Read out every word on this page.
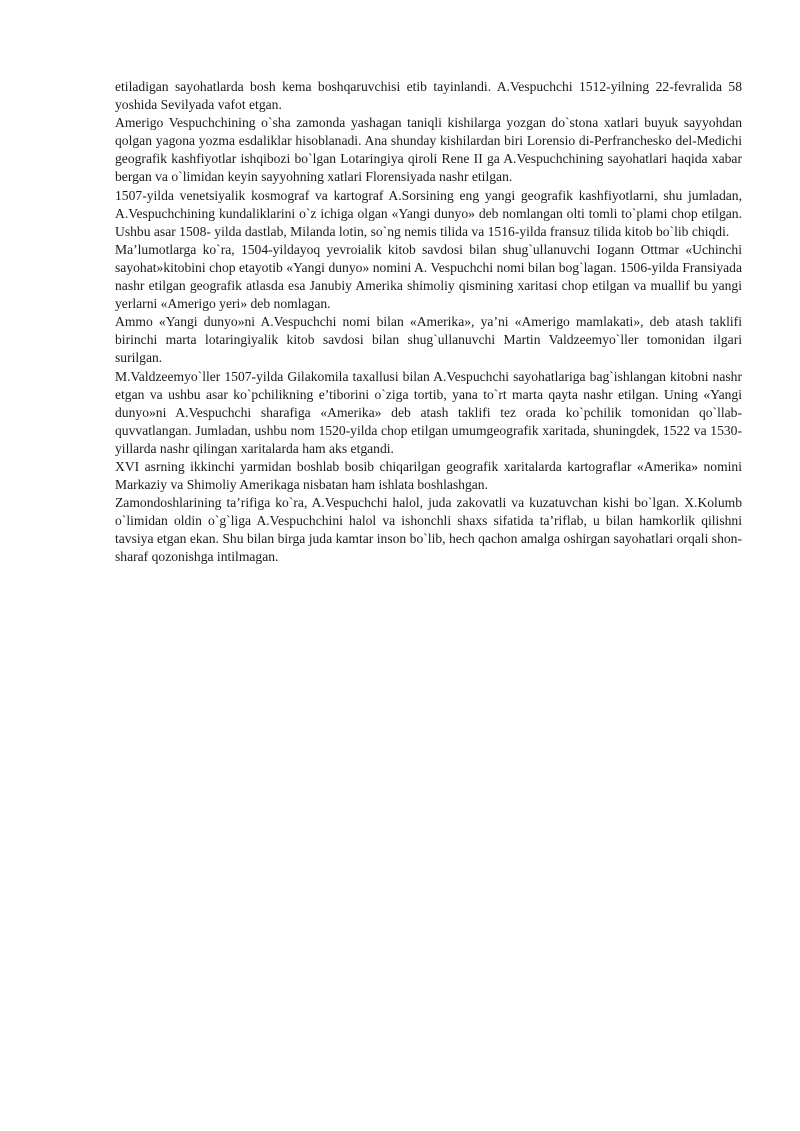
etiladigan sayohatlarda bosh kema boshqaruvchisi etib tayinlandi. A.Vespuchchi 1512-yilning 22-fevralida 58 yoshida Sevilyada vafot etgan.

Amerigo Vespuchchining o`sha zamonda yashagan taniqli kishilarga yozgan do`stona xatlari buyuk sayyohdan qolgan yagona yozma esdaliklar hisoblanadi. Ana shunday kishilardan biri Lorensio di-Perfranchesko del-Medichi geografik kashfiyotlar ishqibozi bo`lgan Lotaringiya qiroli Rene II ga A.Vespuchchining sayohatlari haqida xabar bergan va o`limidan keyin sayyohning xatlari Florensiyada nashr etilgan.

1507-yilda venetsiyalik kosmograf va kartograf A.Sorsining eng yangi geografik kashfiyotlarni, shu jumladan, A.Vespuchchining kundaliklarini o`z ichiga olgan «Yangi dunyo» deb nomlangan olti tomli to`plami chop etilgan. Ushbu asar 1508- yilda dastlab, Milanda lotin, so`ng nemis tilida va 1516-yilda fransuz tilida kitob bo`lib chiqdi.

Ma’lumotlarga ko`ra, 1504-yildayoq yevroialik kitob savdosi bilan shug`ullanuvchi Iogann Ottmar «Uchinchi sayohat»kitobini chop etayotib «Yangi dunyo» nomini A. Vespuchchi nomi bilan bog`lagan. 1506-yilda Fransiyada nashr etilgan geografik atlasda esa Janubiy Amerika shimoliy qismining xaritasi chop etilgan va muallif bu yangi yerlarni «Amerigo yeri» deb nomlagan.

Ammo «Yangi dunyo»ni A.Vespuchchi nomi bilan «Amerika», ya’ni «Amerigo mamlakati», deb atash taklifi birinchi marta lotaringiyalik kitob savdosi bilan shug`ullanuvchi Martin Valdzeemyo`ller tomonidan ilgari surilgan.

M.Valdzeemyo`ller 1507-yilda Gilakomila taxallusi bilan A.Vespuchchi sayohatlariga bag`ishlangan kitobni nashr etgan va ushbu asar ko`pchilikning e’tiborini o`ziga tortib, yana to`rt marta qayta nashr etilgan. Uning «Yangi dunyo»ni A.Vespuchchi sharafiga «Amerika» deb atash taklifi tez orada ko`pchilik tomonidan qo`llab-quvvatlangan. Jumladan, ushbu nom 1520-yilda chop etilgan umumgeografik xaritada, shuningdek, 1522 va 1530-yillarda nashr qilingan xaritalarda ham aks etgandi.

XVI asrning ikkinchi yarmidan boshlab bosib chiqarilgan geografik xaritalarda kartograflar «Amerika» nomini Markaziy va Shimoliy Amerikaga nisbatan ham ishlata boshlashgan.

Zamondoshlarining ta’rifiga ko`ra, A.Vespuchchi halol, juda zakovatli va kuzatuvchan kishi bo`lgan. X.Kolumb o`limidan oldin o`g`liga A.Vespuchchini halol va ishonchli shaxs sifatida ta’riflab, u bilan hamkorlik qilishni tavsiya etgan ekan. Shu bilan birga juda kamtar inson bo`lib, hech qachon amalga oshirgan sayohatlari orqali shon-sharaf qozonishga intilmagan.
